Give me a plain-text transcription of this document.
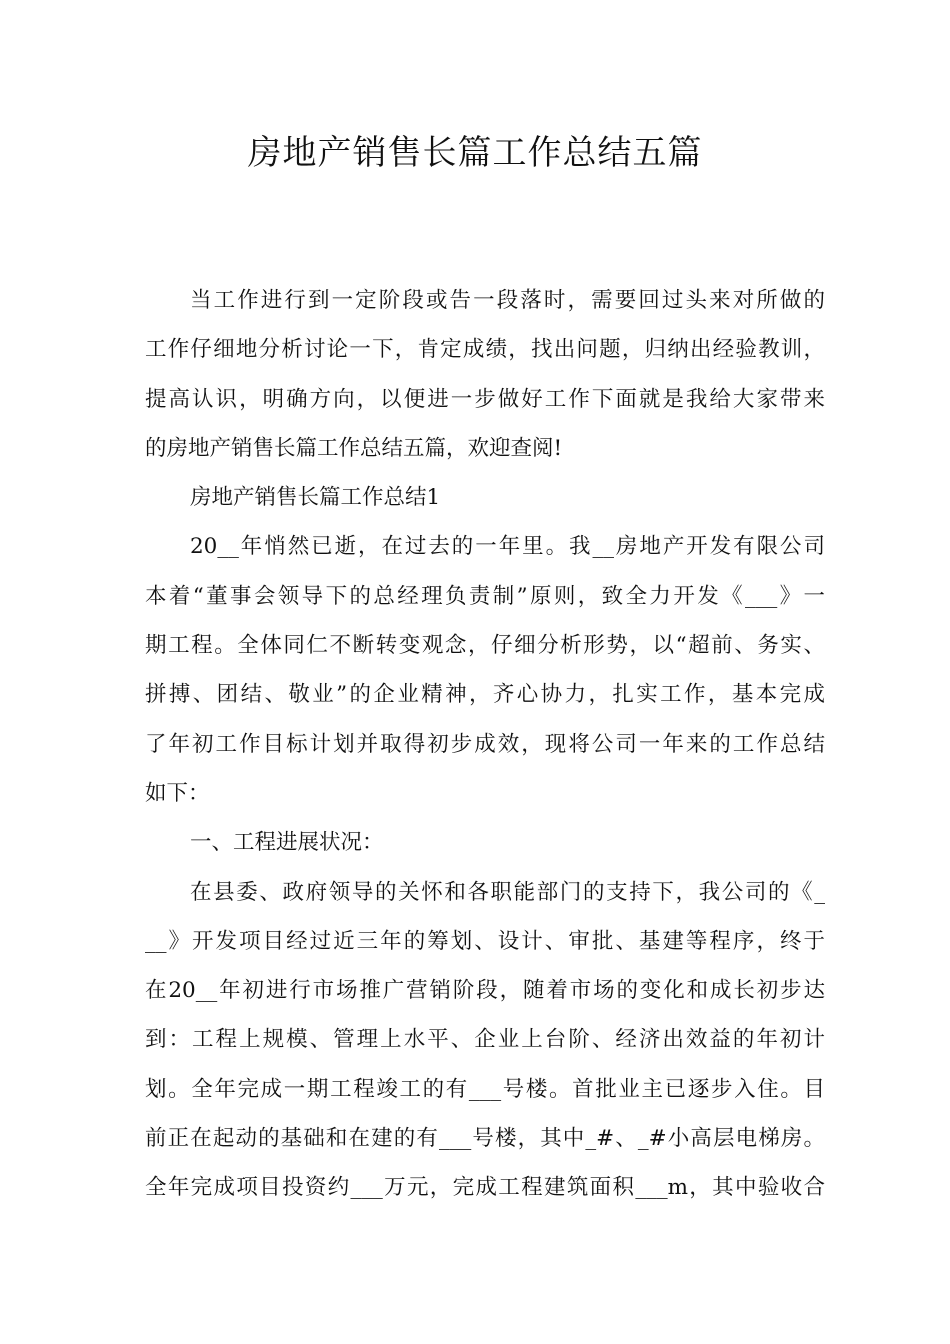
房地产销售长篇工作总结五篇
当工作进行到一定阶段或告一段落时，需要回过头来对所做的
工作仔细地分析讨论一下，肯定成绩，找出问题，归纳出经验教训，
提高认识，明确方向，以便进一步做好工作下面就是我给大家带来
的房地产销售长篇工作总结五篇，欢迎查阅!
房地产销售长篇工作总结1
20__年悄然已逝，在过去的一年里。我__房地产开发有限公司
本着“董事会领导下的总经理负责制”原则，致全力开发《___》一
期工程。全体同仁不断转变观念，仔细分析形势，以“超前、务实、
拼搏、团结、敬业”的企业精神，齐心协力，扎实工作，基本完成
了年初工作目标计划并取得初步成效，现将公司一年来的工作总结
如下：
一、工程进展状况：
在县委、政府领导的关怀和各职能部门的支持下，我公司的《_
__》开发项目经过近三年的筹划、设计、审批、基建等程序，终于
在20__年初进行市场推广营销阶段，随着市场的变化和成长初步达
到：工程上规模、管理上水平、企业上台阶、经济出效益的年初计
划。全年完成一期工程竣工的有___号楼。首批业主已逐步入住。目
前正在起动的基础和在建的有___号楼，其中_#、_#小高层电梯房。
全年完成项目投资约___万元，完成工程建筑面积___m，其中验收合
